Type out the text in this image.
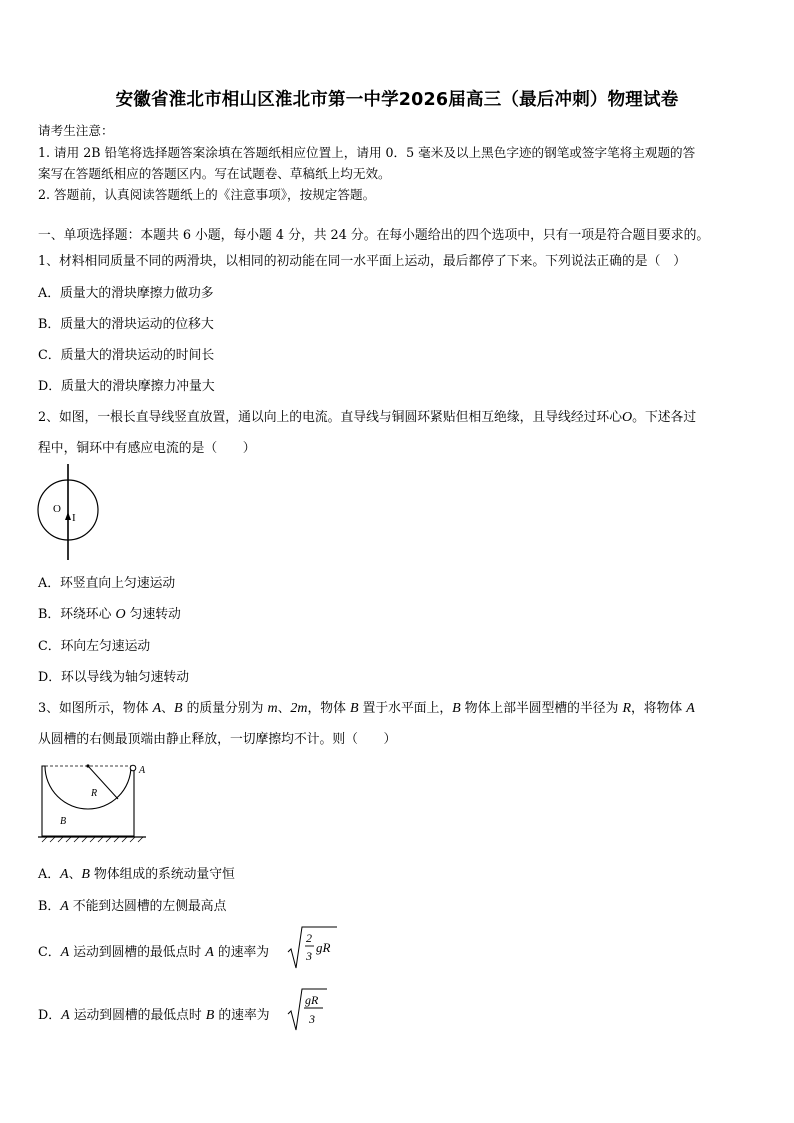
安徽省淮北市相山区淮北市第一中学2026届高三（最后冲刺）物理试卷
请考生注意：
1. 请用 2B 铅笔将选择题答案涂填在答题纸相应位置上，请用 0．5 毫米及以上黑色字迹的钢笔或签字笔将主观题的答
案写在答题纸相应的答题区内。写在试题卷、草稿纸上均无效。
2. 答题前，认真阅读答题纸上的《注意事项》，按规定答题。
一、单项选择题：本题共 6 小题，每小题 4 分，共 24 分。在每小题给出的四个选项中，只有一项是符合题目要求的。
1、材料相同质量不同的两滑块，以相同的初动能在同一水平面上运动，最后都停了下来。下列说法正确的是（　）
A．质量大的滑块摩擦力做功多
B．质量大的滑块运动的位移大
C．质量大的滑块运动的时间长
D．质量大的滑块摩擦力冲量大
2、如图，一根长直导线竖直放置，通以向上的电流。直导线与铜圆环紧贴但相互绝缘，且导线经过环心O。下述各过
程中，铜环中有感应电流的是（　　）
O
I
A．环竖直向上匀速运动
B．环绕环心 O 匀速转动
C．环向左匀速运动
D．环以导线为轴匀速转动
3、如图所示，物体 A、B 的质量分别为 m、2m，物体 B 置于水平面上，B 物体上部半圆型槽的半径为 R，将物体 A
从圆槽的右侧最顶端由静止释放，一切摩擦均不计。则（　　）
A
R
B
A．A、B 物体组成的系统动量守恒
B．A 不能到达圆槽的左侧最高点
C．A 运动到圆槽的最低点时 A 的速率为
2
3
gR
D．A 运动到圆槽的最低点时 B 的速率为
gR
3
